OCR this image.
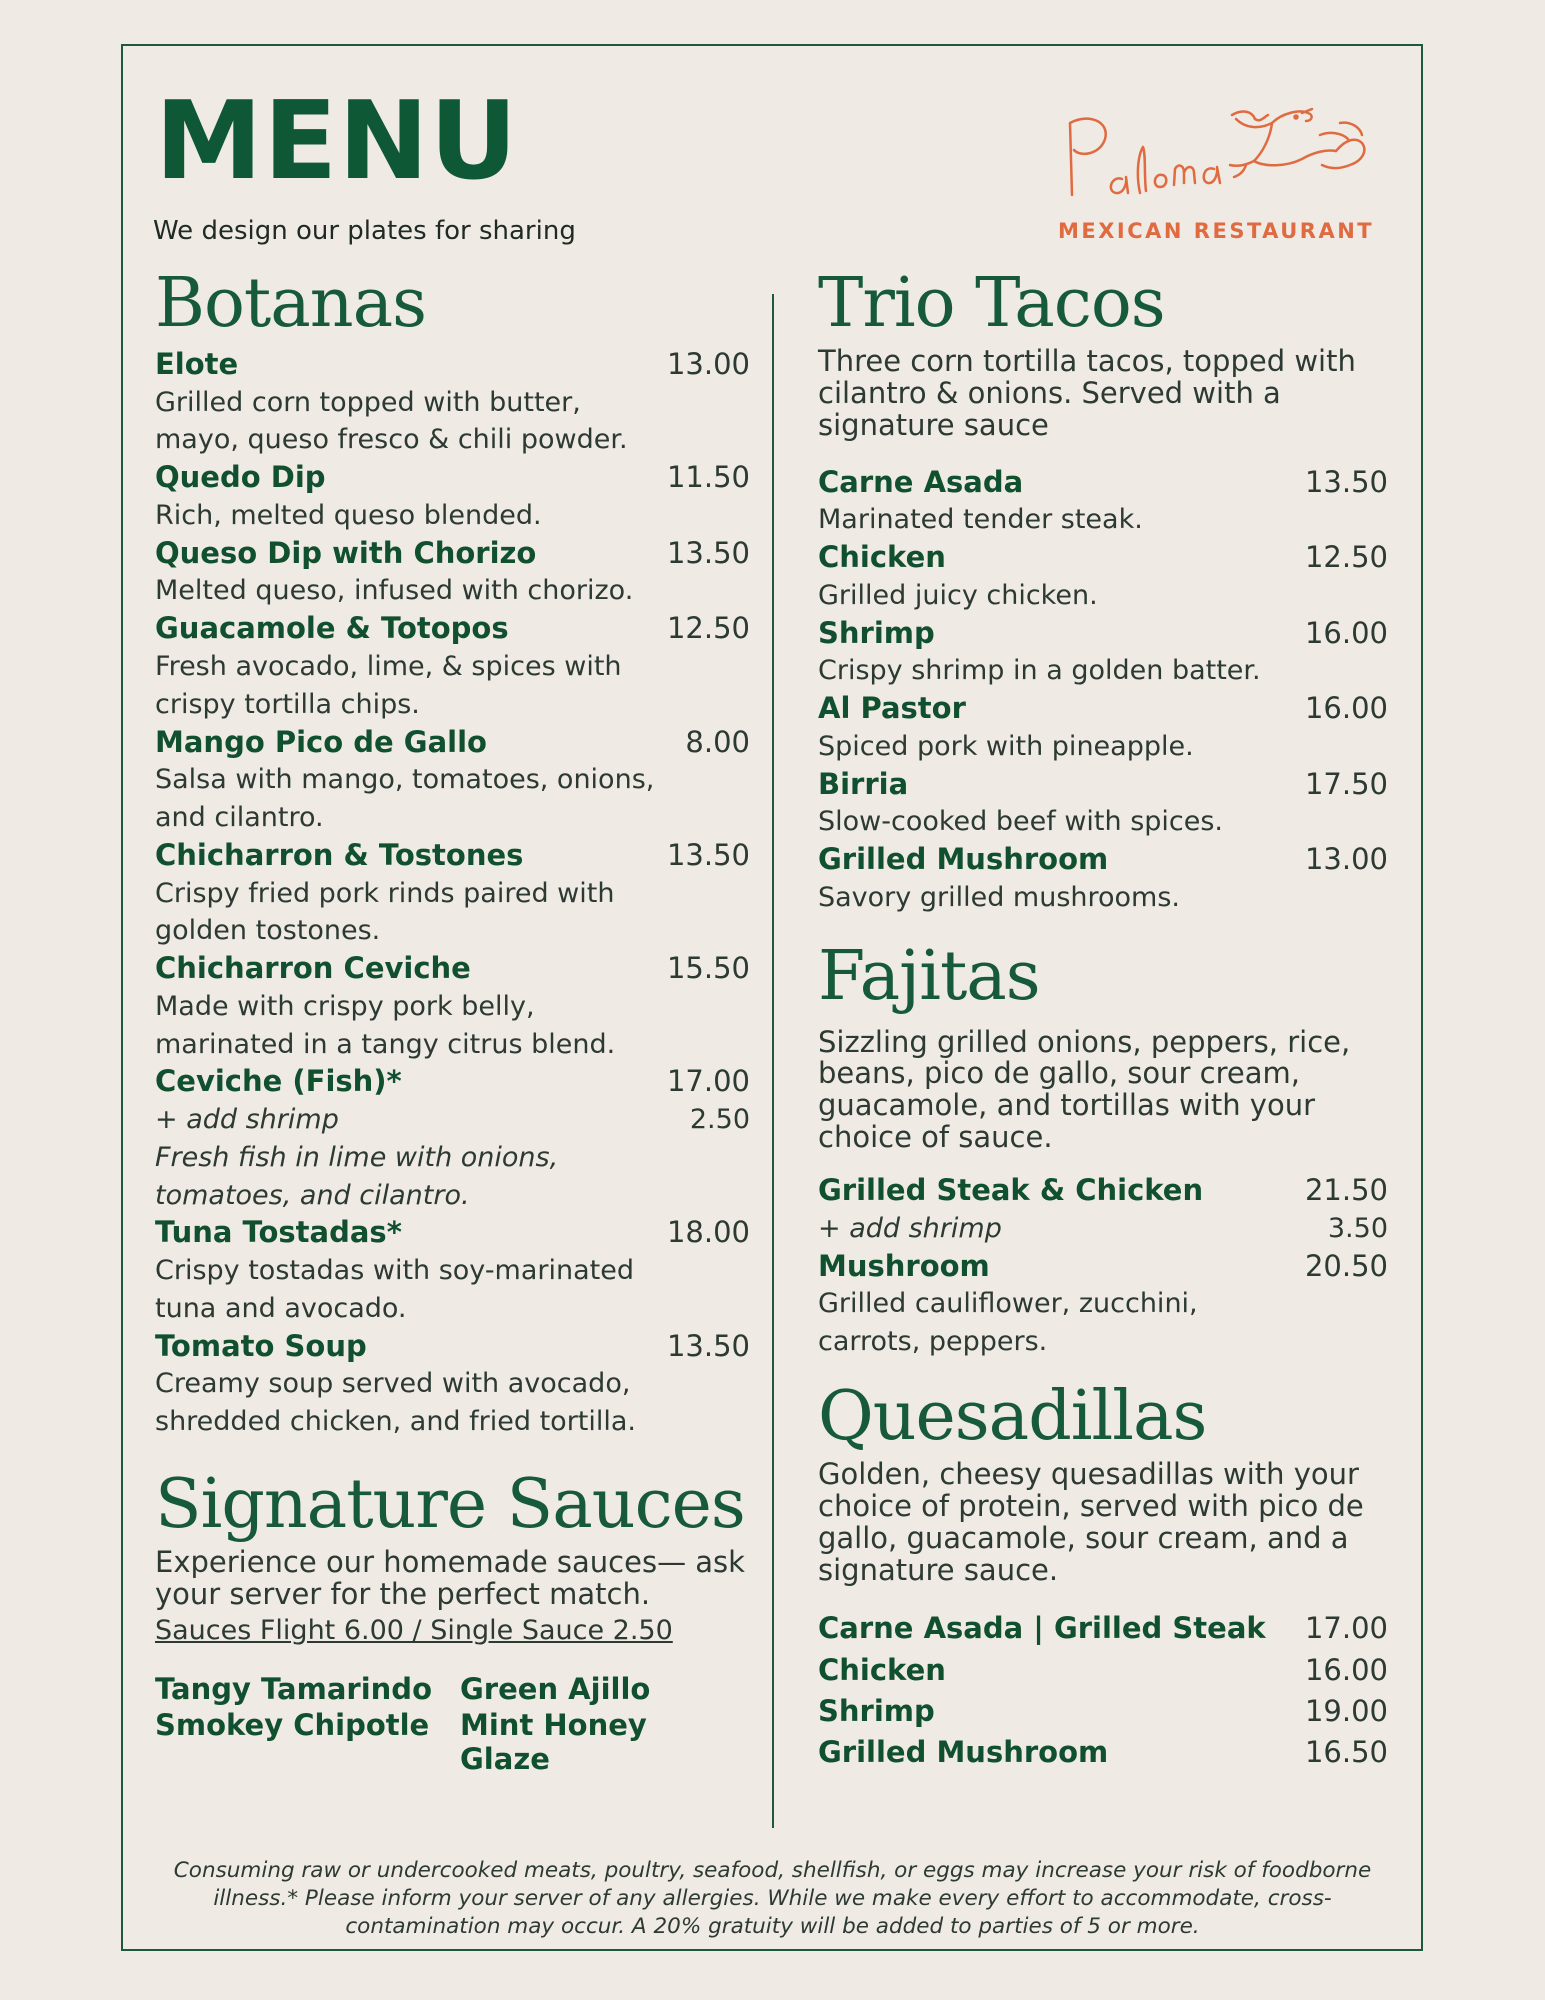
MENU
We design our plates for sharing	MEXICAN RESTAURANT
Botanas
Elote	13.00
Grilled corn topped with butter, mayo, queso fresco & chili powder.
Quedo Dip	11.50
Rich, melted queso blended.
Queso Dip with Chorizo	13.50
Melted queso, infused with chorizo.
Guacamole & Totopos	12.50
Fresh avocado, lime, & spices with crispy tortilla chips.
Mango Pico de Gallo	8.00
Salsa with mango, tomatoes, onions, and cilantro.
Chicharron & Tostones	13.50
Crispy fried pork rinds paired with golden tostones.
Chicharron Ceviche	15.50
Made with crispy pork belly, marinated in a tangy citrus blend.
Ceviche (Fish)*	17.00
+ add shrimp	2.50
Fresh fish in lime with onions, tomatoes, and cilantro.
Tuna Tostadas*	18.00
Crispy tostadas with soy-marinated tuna and avocado.
Tomato Soup	13.50
Creamy soup served with avocado, shredded chicken, and fried tortilla.
Signature Sauces

Experience our homemade sauces— ask your server for the perfect match.

Sauces Flight 6.00 / Single Sauce 2.50
Tangy Tamarindo Green Ajillo
Smokey Chipotle	Mint Honey Glaze
Trio Tacos

Three corn tortilla tacos, topped with cilantro & onions. Served with a signature sauce

Carne Asada	13.50
Marinated tender steak.
Chicken	12.50
Grilled juicy chicken.
Shrimp	16.00
Crispy shrimp in a golden batter.
Al Pastor	16.00
Spiced pork with pineapple.
Birria	17.50
Slow-cooked beef with spices.
Grilled Mushroom	13.00
Savory grilled mushrooms.
Fajitas

Sizzling grilled onions, peppers, rice, beans, pico de gallo, sour cream, guacamole, and tortillas with your choice of sauce.

Grilled Steak & Chicken	21.50
+ add shrimp	3.50
Mushroom	20.50
Grilled cauliflower, zucchini, carrots, peppers.
Quesadillas

Golden, cheesy quesadillas with your choice of protein, served with pico de gallo, guacamole, sour cream, and a signature sauce.

Carne Asada | Grilled Steak 17.00
Chicken	16.00
Shrimp	19.00
Grilled Mushroom	16.50
Consuming raw or undercooked meats, poultry, seafood, shellfish, or eggs may increase your risk of foodborne illness.* Please inform your server of any allergies. While we make every effort to accommodate, cross-contamination may occur. A 20% gratuity will be added to parties of 5 or more.
